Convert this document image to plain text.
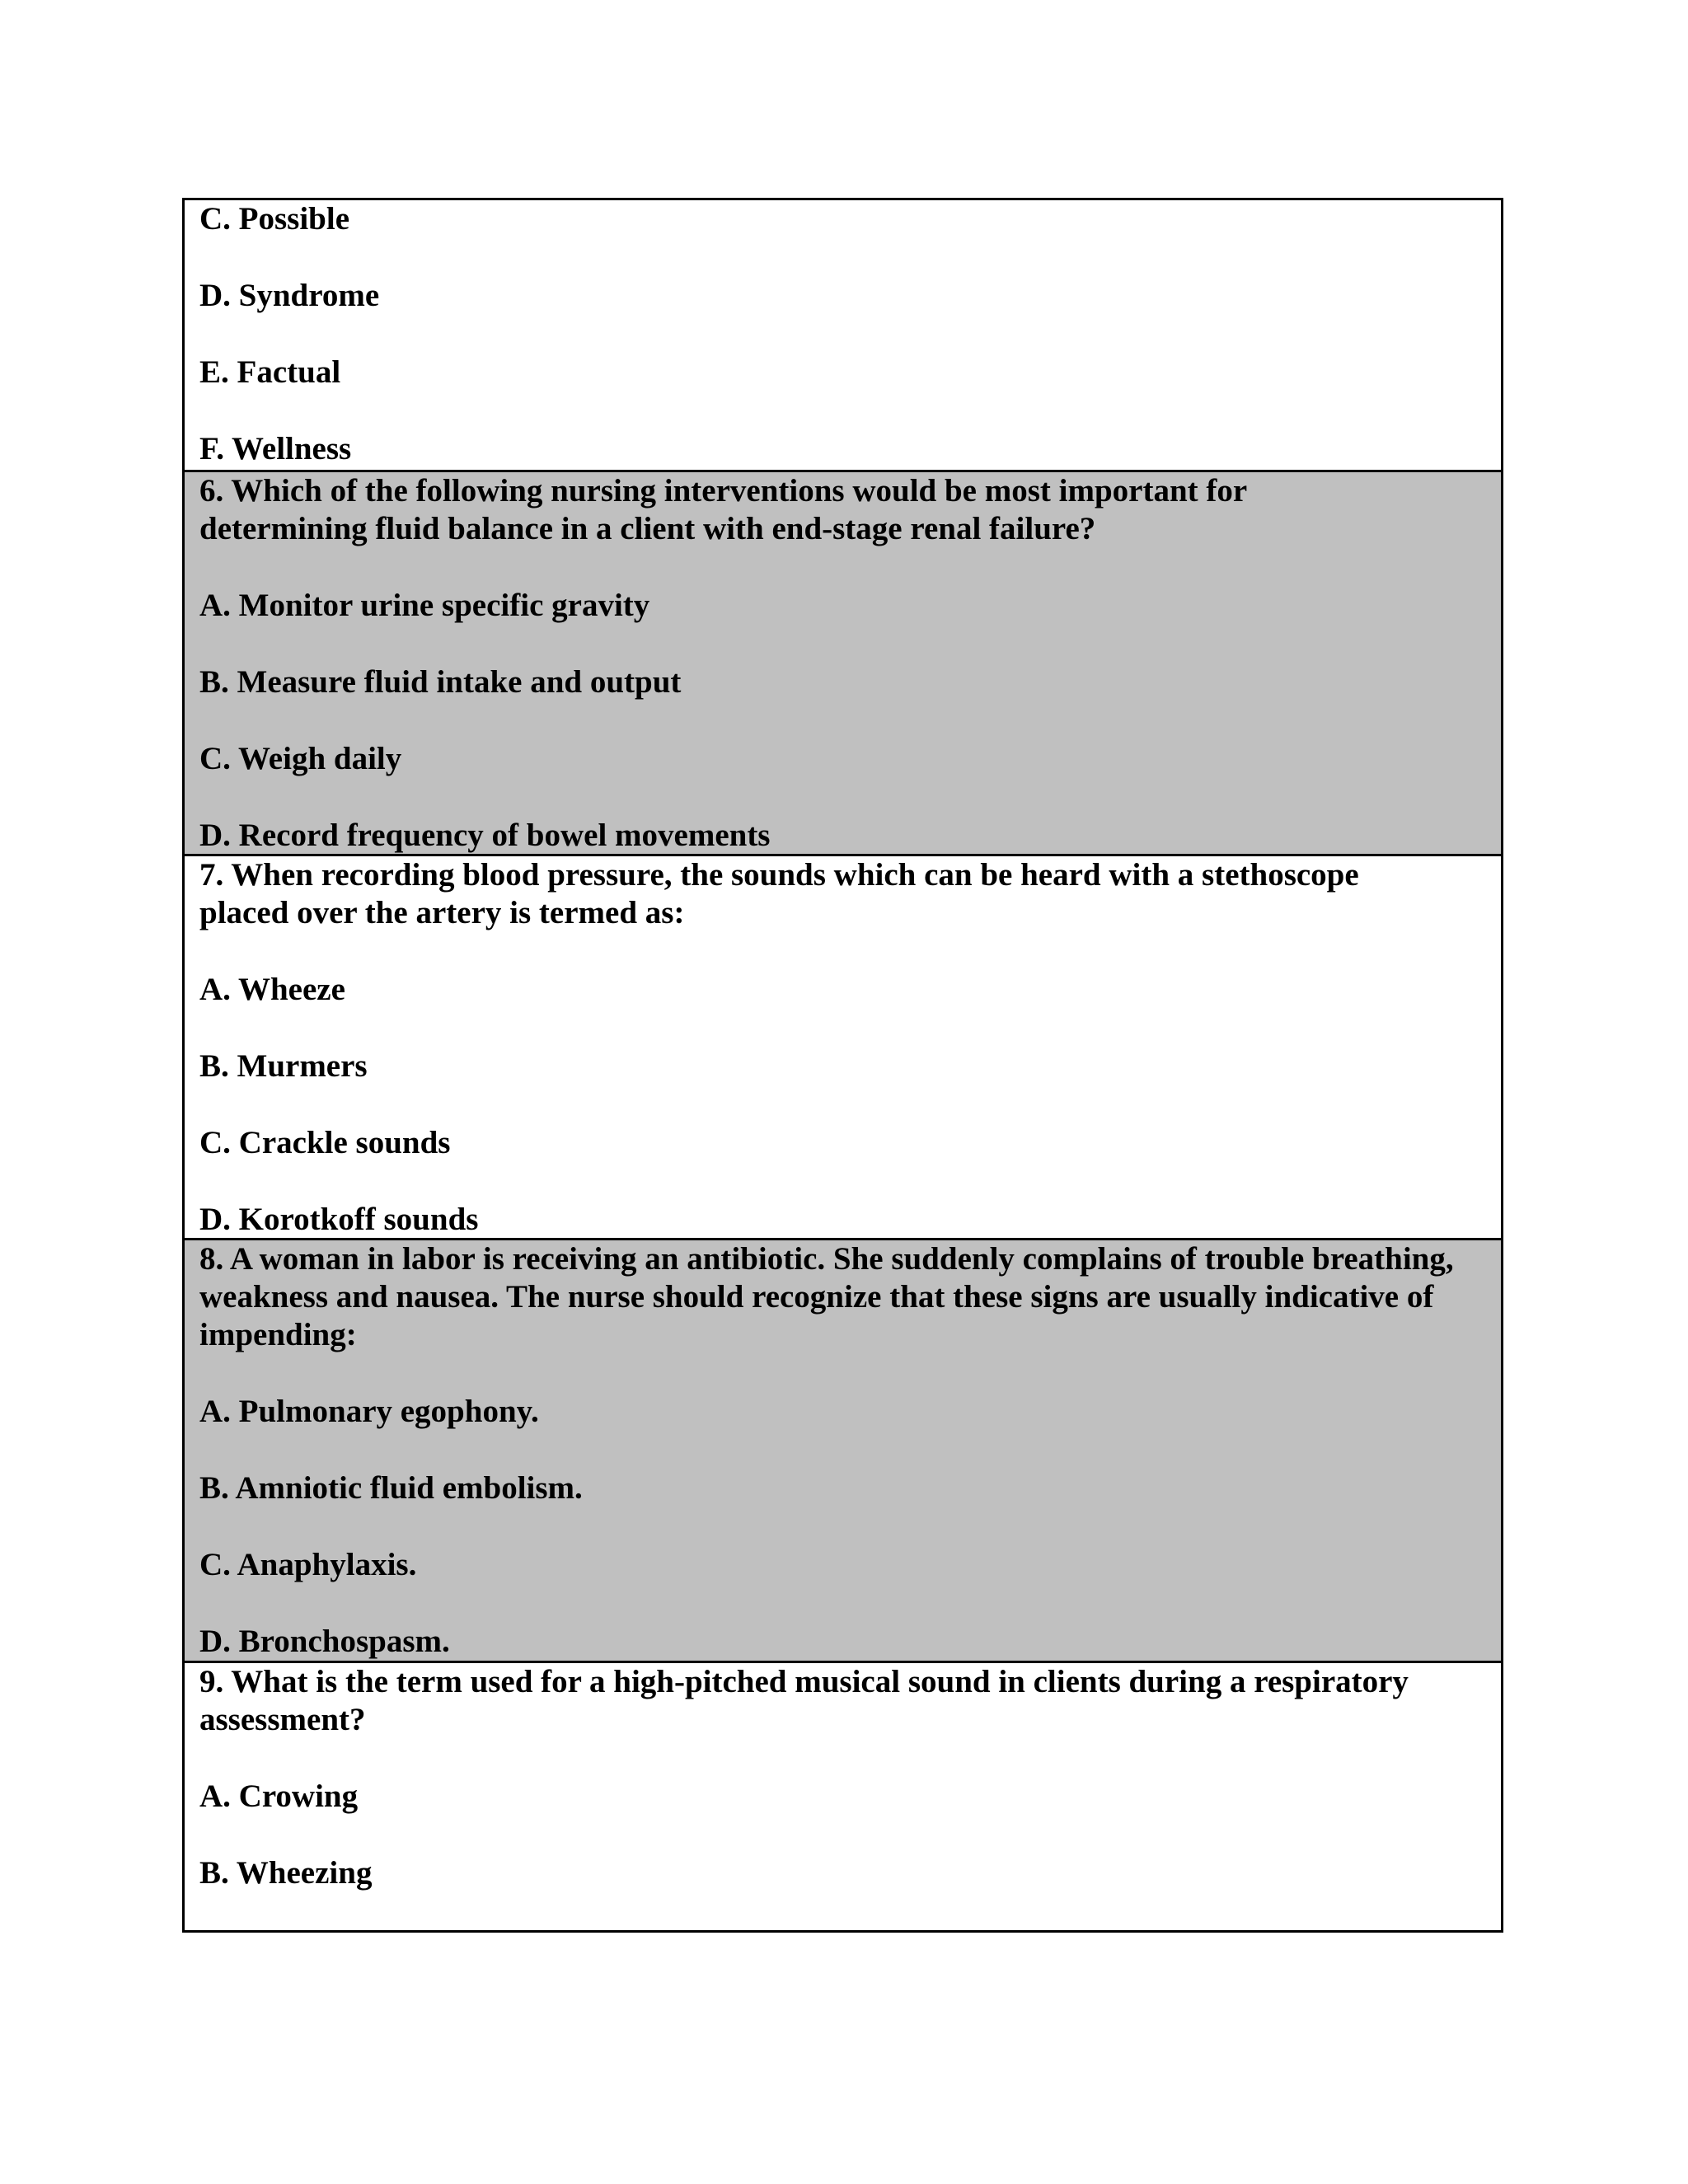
C. Possible

D. Syndrome

E. Factual

F. Wellness

6. Which of the following nursing interventions would be most important for determining fluid balance in a client with end-stage renal failure?

A. Monitor urine specific gravity

B. Measure fluid intake and output

C. Weigh daily

D. Record frequency of bowel movements

7. When recording blood pressure, the sounds which can be heard with a stethoscope placed over the artery is termed as:

A. Wheeze

B. Murmers

C. Crackle sounds

D. Korotkoff sounds

8. A woman in labor is receiving an antibiotic. She suddenly complains of trouble breathing, weakness and nausea. The nurse should recognize that these signs are usually indicative of impending:

A. Pulmonary egophony.

B. Amniotic fluid embolism.

C. Anaphylaxis.

D. Bronchospasm.

9. What is the term used for a high-pitched musical sound in clients during a respiratory assessment?

A. Crowing

B. Wheezing
